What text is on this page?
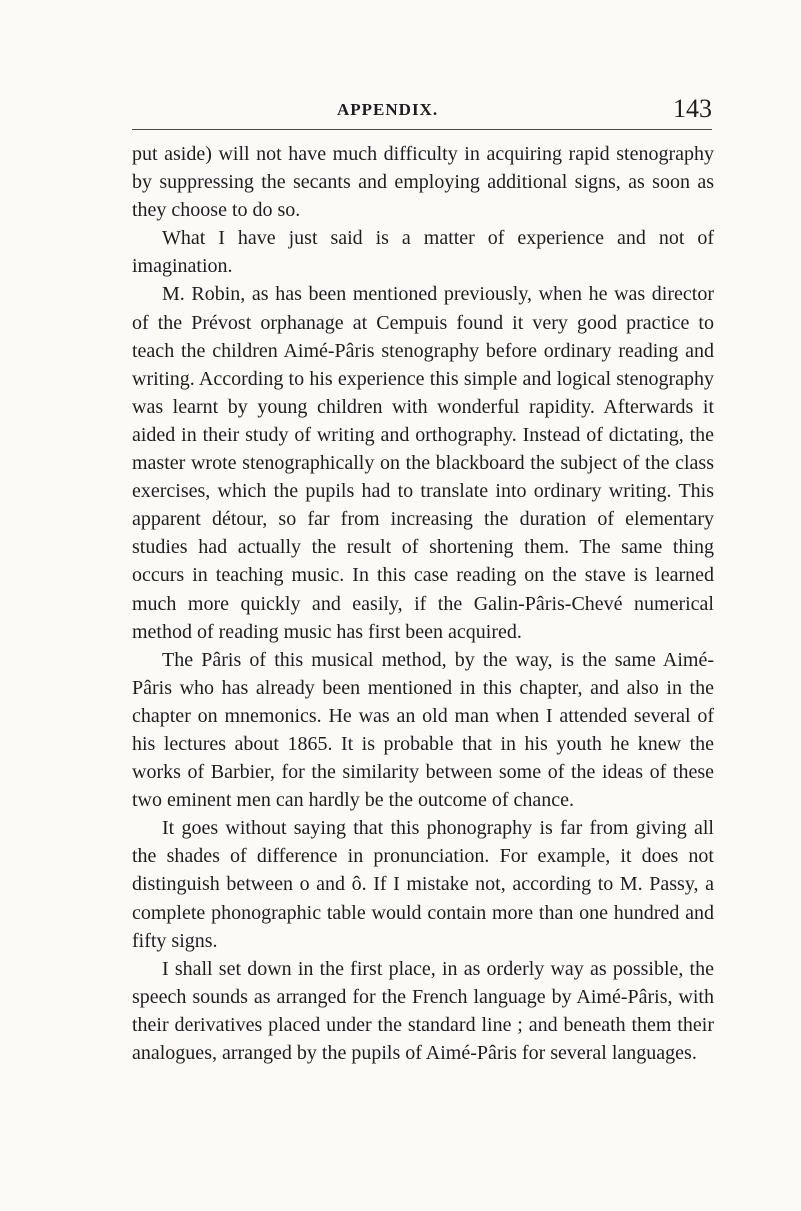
APPENDIX.	143

put aside) will not have much difficulty in acquiring rapid stenography by suppressing the secants and employing additional signs, as soon as they choose to do so.

What I have just said is a matter of experience and not of imagination.

M. Robin, as has been mentioned previously, when he was director of the Prévost orphanage at Cempuis found it very good practice to teach the children Aimé-Pâris stenography before ordinary reading and writing. According to his experience this simple and logical stenography was learnt by young children with wonderful rapidity. Afterwards it aided in their study of writing and orthography. Instead of dictating, the master wrote stenographically on the blackboard the subject of the class exercises, which the pupils had to translate into ordinary writing. This apparent détour, so far from increasing the duration of elementary studies had actually the result of shortening them. The same thing occurs in teaching music. In this case reading on the stave is learned much more quickly and easily, if the Galin-Pâris-Chevé numerical method of reading music has first been acquired.

The Pâris of this musical method, by the way, is the same Aimé-Pâris who has already been mentioned in this chapter, and also in the chapter on mnemonics. He was an old man when I attended several of his lectures about 1865. It is probable that in his youth he knew the works of Barbier, for the similarity between some of the ideas of these two eminent men can hardly be the outcome of chance.

It goes without saying that this phonography is far from giving all the shades of difference in pronunciation. For example, it does not distinguish between o and ô. If I mistake not, according to M. Passy, a complete phonographic table would contain more than one hundred and fifty signs.

I shall set down in the first place, in as orderly way as possible, the speech sounds as arranged for the French language by Aimé-Pâris, with their derivatives placed under the standard line ; and beneath them their analogues, arranged by the pupils of Aimé-Pâris for several languages.
